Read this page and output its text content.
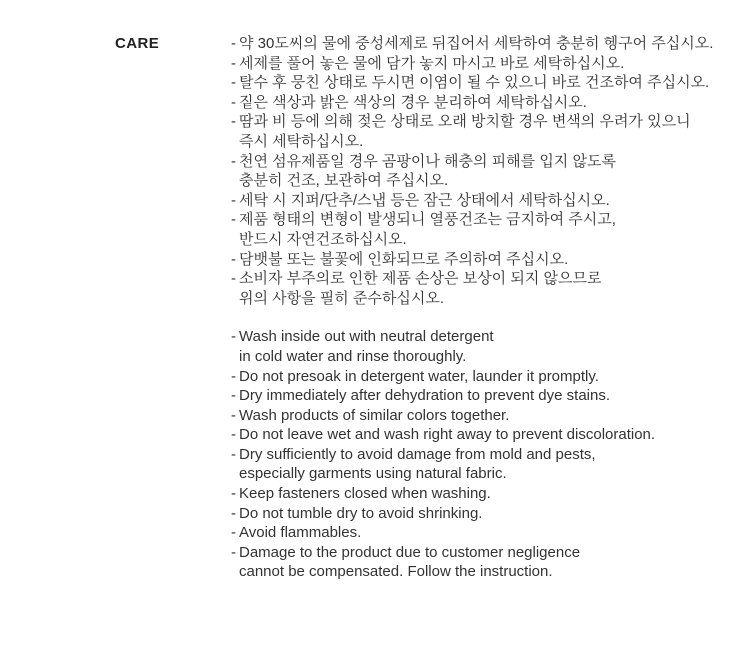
CARE	- 약 30도씨의 물에 중성세제로 뒤집어서 세탁하여 충분히 헹구어 주십시오.
- 세제를 풀어 놓은 물에 담가 놓지 마시고 바로 세탁하십시오.
- 탈수 후 뭉친 상태로 두시면 이염이 될 수 있으니 바로 건조하여 주십시오.
- 짙은 색상과 밝은 색상의 경우 분리하여 세탁하십시오.
- 땀과 비 등에 의해 젖은 상태로 오래 방치할 경우 변색의 우려가 있으니
즉시 세탁하십시오.
- 천연 섬유제품일 경우 곰팡이나 해충의 피해를 입지 않도록
충분히 건조, 보관하여 주십시오.
- 세탁 시 지퍼/단추/스냅 등은 잠근 상태에서 세탁하십시오.
- 제품 형태의 변형이 발생되니 열풍건조는 금지하여 주시고,
반드시 자연건조하십시오.
- 담뱃불 또는 불꽃에 인화되므로 주의하여 주십시오.
- 소비자 부주의로 인한 제품 손상은 보상이 되지 않으므로
위의 사항을 필히 준수하십시오.
- Wash inside out with neutral detergent
in cold water and rinse thoroughly.
- Do not presoak in detergent water, launder it promptly.
- Dry immediately after dehydration to prevent dye stains.
- Wash products of similar colors together.
- Do not leave wet and wash right away to prevent discoloration.
- Dry sufficiently to avoid damage from mold and pests,
especially garments using natural fabric.
- Keep fasteners closed when washing.
- Do not tumble dry to avoid shrinking.
- Avoid flammables.
- Damage to the product due to customer negligence
cannot be compensated. Follow the instruction.
